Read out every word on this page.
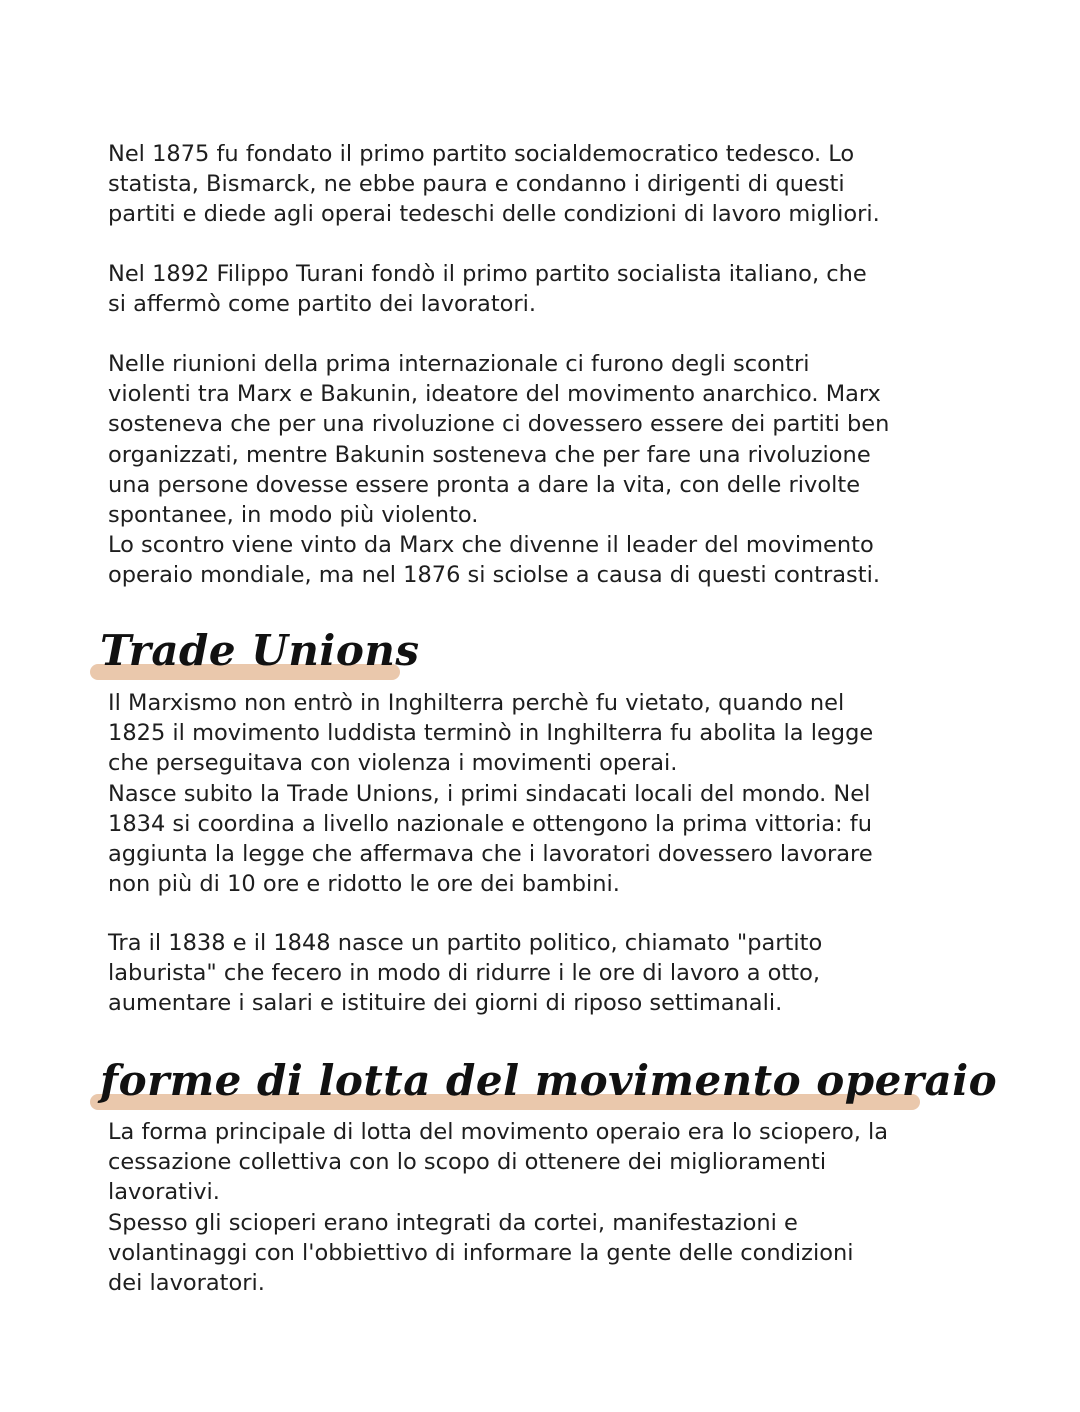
Nel 1875 fu fondato il primo partito socialdemocratico tedesco. Lo
statista, Bismarck, ne ebbe paura e condanno i dirigenti di questi
partiti e diede agli operai tedeschi delle condizioni di lavoro migliori.

Nel 1892 Filippo Turani fondò il primo partito socialista italiano, che
si affermò come partito dei lavoratori.

Nelle riunioni della prima internazionale ci furono degli scontri
violenti tra Marx e Bakunin, ideatore del movimento anarchico. Marx
sosteneva che per una rivoluzione ci dovessero essere dei partiti ben
organizzati, mentre Bakunin sosteneva che per fare una rivoluzione
una persone dovesse essere pronta a dare la vita, con delle rivolte
spontanee, in modo più violento.
Lo scontro viene vinto da Marx che divenne il leader del movimento
operaio mondiale, ma nel 1876 si sciolse a causa di questi contrasti.

Trade Unions

Il Marxismo non entrò in Inghilterra perchè fu vietato, quando nel
1825 il movimento luddista terminò in Inghilterra fu abolita la legge
che perseguitava con violenza i movimenti operai.
Nasce subito la Trade Unions, i primi sindacati locali del mondo. Nel
1834 si coordina a livello nazionale e ottengono la prima vittoria: fu
aggiunta la legge che affermava che i lavoratori dovessero lavorare
non più di 10 ore e ridotto le ore dei bambini.

Tra il 1838 e il 1848 nasce un partito politico, chiamato "partito
laburista" che fecero in modo di ridurre i le ore di lavoro a otto,
aumentare i salari e istituire dei giorni di riposo settimanali.

forme di lotta del movimento operaio

La forma principale di lotta del movimento operaio era lo sciopero, la
cessazione collettiva con lo scopo di ottenere dei miglioramenti
lavorativi.
Spesso gli scioperi erano integrati da cortei, manifestazioni e
volantinaggi con l'obbiettivo di informare la gente delle condizioni
dei lavoratori.
